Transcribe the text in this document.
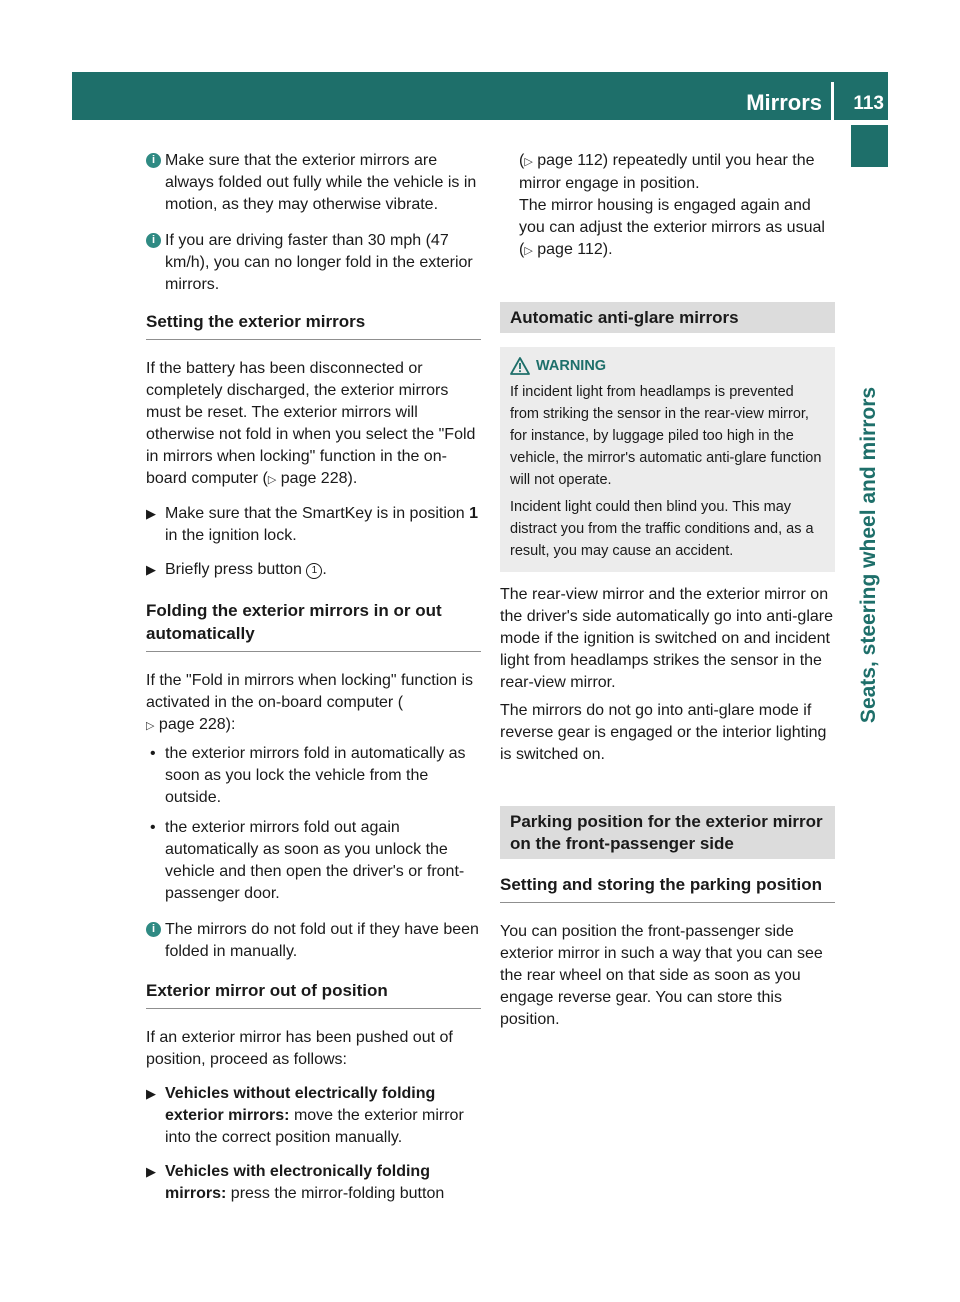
Mirrors 113
Seats, steering wheel and mirrors
i Make sure that the exterior mirrors are always folded out fully while the vehicle is in motion, as they may otherwise vibrate.
i If you are driving faster than 30 mph (47 km/h), you can no longer fold in the exterior mirrors.
Setting the exterior mirrors

If the battery has been disconnected or completely discharged, the exterior mirrors must be reset. The exterior mirrors will otherwise not fold in when you select the "Fold in mirrors when locking" function in the on-board computer (▷ page 228).

▶ Make sure that the SmartKey is in position 1 in the ignition lock.
▶ Briefly press button 1 .
Folding the exterior mirrors in or out automatically

If the "Fold in mirrors when locking" function is activated in the on-board computer (
▷ page 228):

• the exterior mirrors fold in automatically as soon as you lock the vehicle from the outside.
• the exterior mirrors fold out again automatically as soon as you unlock the vehicle and then open the driver's or front-passenger door.
i The mirrors do not fold out if they have been folded in manually.
Exterior mirror out of position

If an exterior mirror has been pushed out of position, proceed as follows:

▶ Vehicles without electrically folding exterior mirrors: move the exterior mirror into the correct position manually.
▶ Vehicles with electronically folding mirrors: press the mirror-folding button

(▷ page 112) repeatedly until you hear the mirror engage in position.

The mirror housing is engaged again and you can adjust the exterior mirrors as usual (▷ page 112).

Automatic anti-glare mirrors
WARNING

If incident light from headlamps is prevented from striking the sensor in the rear-view mirror, for instance, by luggage piled too high in the vehicle, the mirror's automatic anti-glare function will not operate.

Incident light could then blind you. This may distract you from the traffic conditions and, as a result, you may cause an accident.

The rear-view mirror and the exterior mirror on the driver's side automatically go into anti-glare mode if the ignition is switched on and incident light from headlamps strikes the sensor in the rear-view mirror.

The mirrors do not go into anti-glare mode if reverse gear is engaged or the interior lighting is switched on.

Parking position for the exterior mirror on the front-passenger side
Setting and storing the parking position

You can position the front-passenger side exterior mirror in such a way that you can see the rear wheel on that side as soon as you engage reverse gear. You can store this position.
